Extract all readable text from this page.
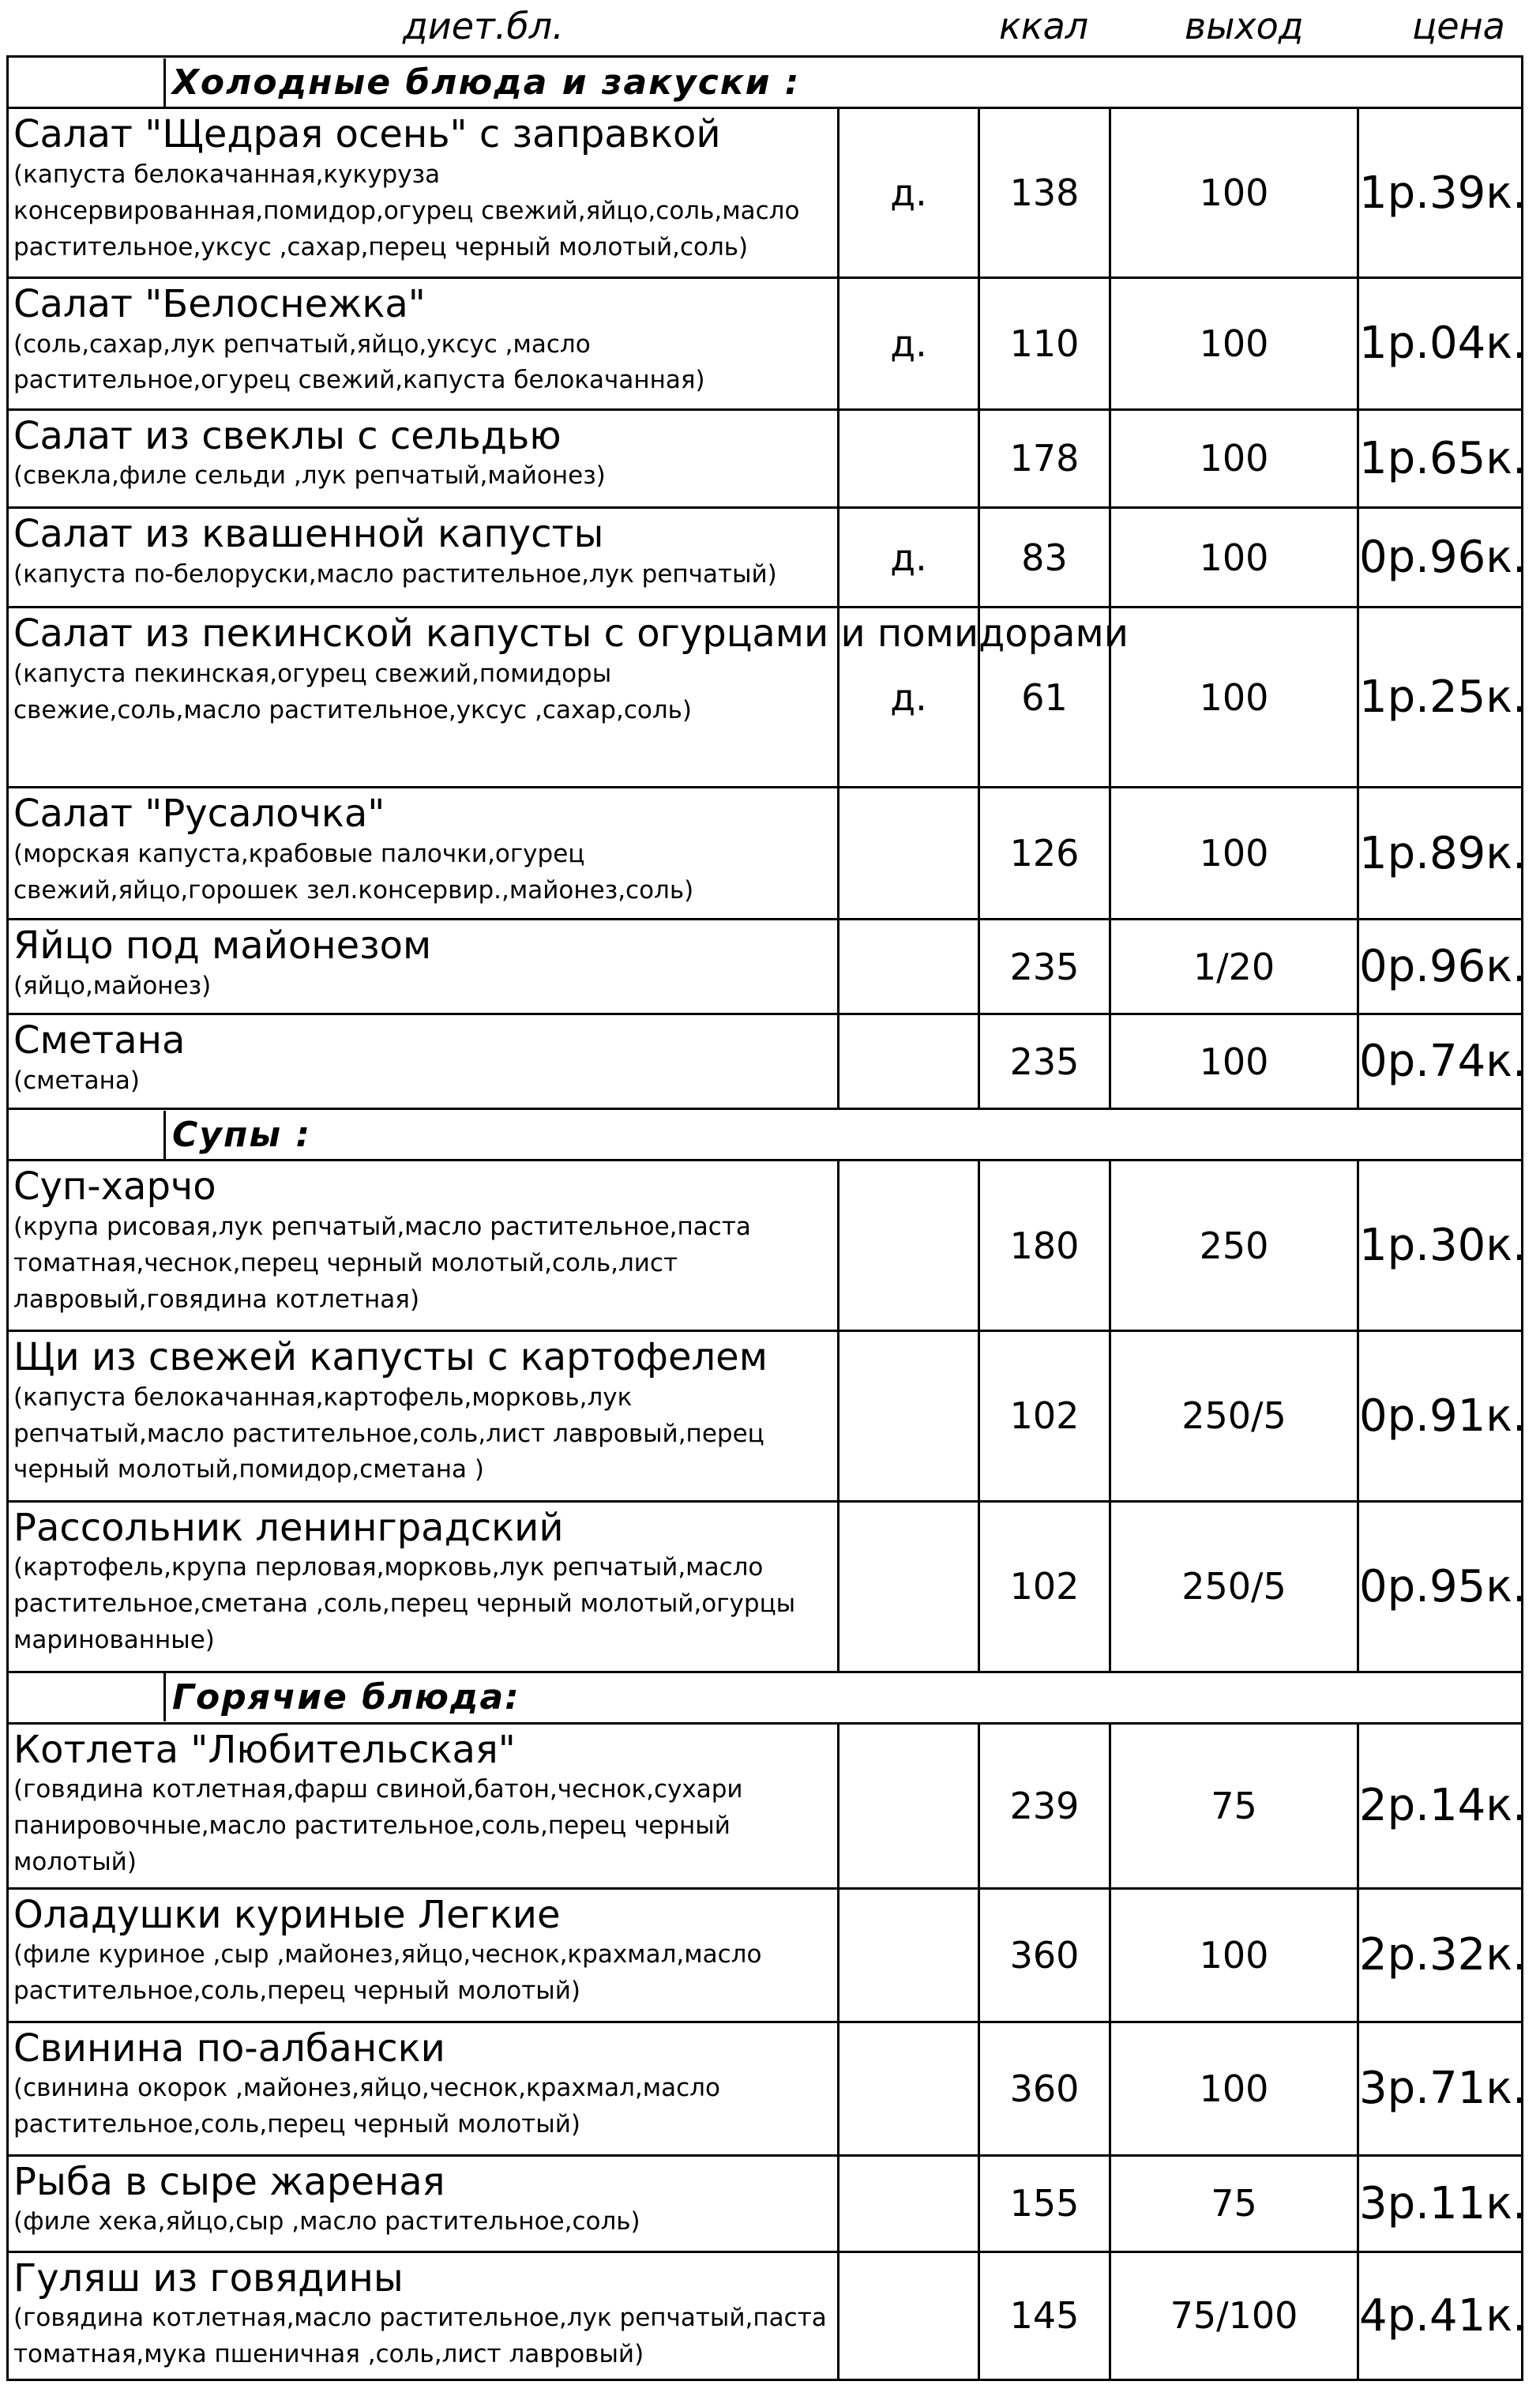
диет.бл.	ккал	выход	цена
Холодные блюда и закуски :				

Салат "Щедрая осень" с заправкой
(капуста белокачанная,кукуруза консервированная,помидор,огурец свежий,яйцо,соль,масло растительное,уксус ,сахар,перец черный молотый,соль)	д.	138	100	1р.39к.

Салат "Белоснежка"
(соль,сахар,лук репчатый,яйцо,уксус ,масло растительное,огурец свежий,капуста белокачанная)	д.	110	100	1р.04к.

Салат из свеклы с сельдью
(свекла,филе сельди ,лук репчатый,майонез)		178	100	1р.65к.

Салат из квашенной капусты
(капуста по-белоруски,масло растительное,лук репчатый)	д.	83	100	0р.96к.

Салат из пекинской капусты с огурцами и помидорами
(капуста пекинская,огурец свежий,помидоры свежие,соль,масло растительное,уксус ,сахар,соль)	д.	61	100	1р.25к.

Салат "Русалочка"
(морская капуста,крабовые палочки,огурец свежий,яйцо,горошек зел.консервир.,майонез,соль)		126	100	1р.89к.

Яйцо под майонезом
(яйцо,майонез)		235	1/20	0р.96к.

Сметана
(сметана)		235	100	0р.74к.

Супы :				

Суп-харчо
(крупа рисовая,лук репчатый,масло растительное,паста томатная,чеснок,перец черный молотый,соль,лист лавровый,говядина котлетная)		180	250	1р.30к.

Щи из свежей капусты с картофелем
(капуста белокачанная,картофель,морковь,лук репчатый,масло растительное,соль,лист лавровый,перец черный молотый,помидор,сметана )		102	250/5	0р.91к.

Рассольник ленинградский
(картофель,крупа перловая,морковь,лук репчатый,масло растительное,сметана ,соль,перец черный молотый,огурцы маринованные)		102	250/5	0р.95к.

Горячие блюда:				

Котлета "Любительская"
(говядина котлетная,фарш свиной,батон,чеснок,сухари панировочные,масло растительное,соль,перец черный молотый)		239	75	2р.14к.

Оладушки куриные Легкие
(филе куриное ,сыр ,майонез,яйцо,чеснок,крахмал,масло растительное,соль,перец черный молотый)		360	100	2р.32к.

Свинина по-албански
(свинина окорок ,майонез,яйцо,чеснок,крахмал,масло растительное,соль,перец черный молотый)		360	100	3р.71к.

Рыба в сыре жареная
(филе хека,яйцо,сыр ,масло растительное,соль)		155	75	3р.11к.

Гуляш из говядины
(говядина котлетная,масло растительное,лук репчатый,паста томатная,мука пшеничная ,соль,лист лавровый)		145	75/100	4р.41к.
